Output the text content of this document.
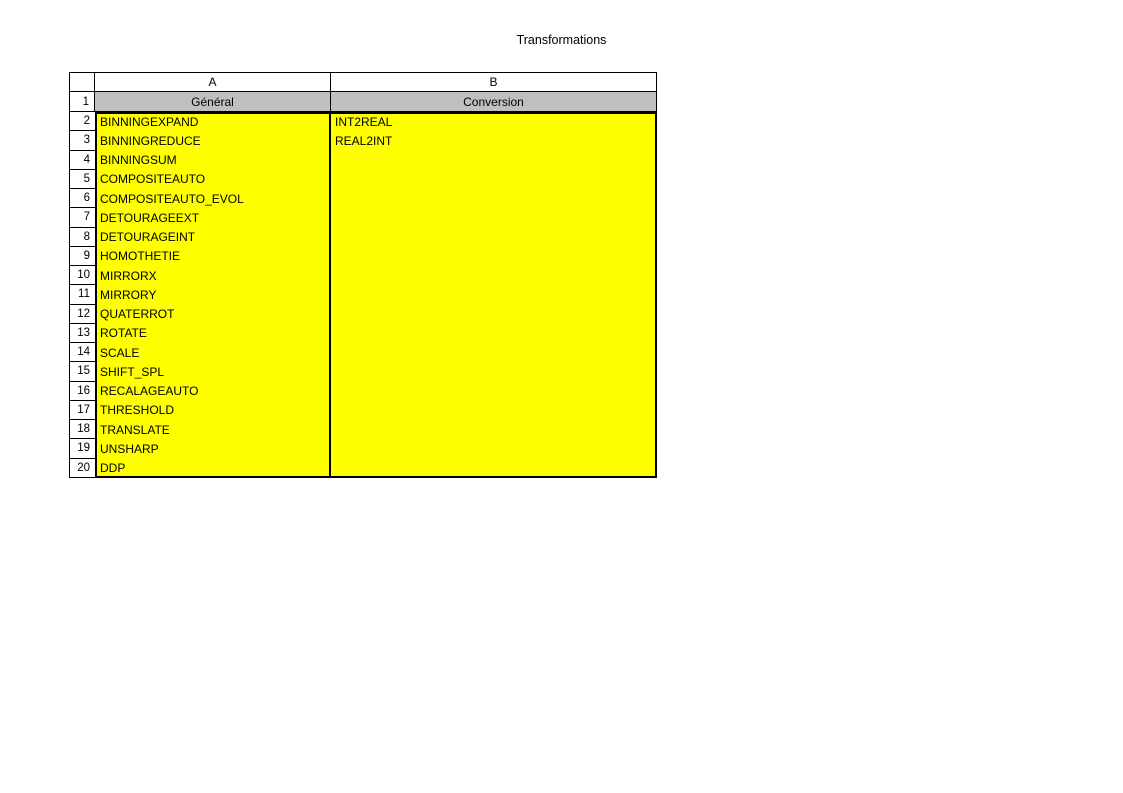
Transformations
A	B
1	Général	Conversion
2 BINNINGEXPAND	INT2REAL
3 BINNINGREDUCE	REAL2INT
4 BINNINGSUM
5 COMPOSITEAUTO
6 COMPOSITEAUTO_EVOL
7 DETOURAGEEXT
8 DETOURAGEINT
9 HOMOTHETIE
10 MIRRORX
11 MIRRORY
12 QUATERROT
13 ROTATE
14 SCALE
15 SHIFT_SPL
16 RECALAGEAUTO
17 THRESHOLD
18 TRANSLATE
19 UNSHARP
20 DDP
